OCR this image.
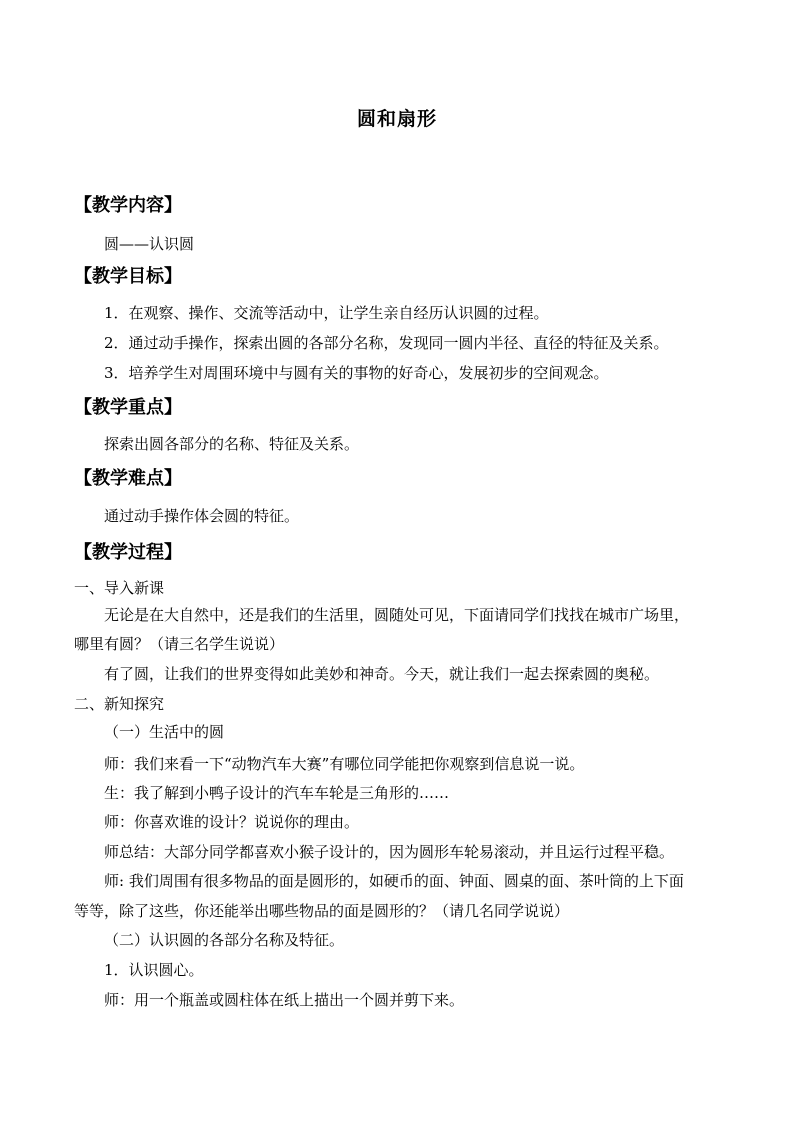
圆和扇形
【教学内容】
圆——认识圆
【教学目标】
1．在观察、操作、交流等活动中，让学生亲自经历认识圆的过程。
2．通过动手操作，探索出圆的各部分名称，发现同一圆内半径、直径的特征及关系。
3．培养学生对周围环境中与圆有关的事物的好奇心，发展初步的空间观念。
【教学重点】
探索出圆各部分的名称、特征及关系。
【教学难点】
通过动手操作体会圆的特征。
【教学过程】
一、导入新课
无论是在大自然中，还是我们的生活里，圆随处可见，下面请同学们找找在城市广场里，
哪里有圆？（请三名学生说说）
有了圆，让我们的世界变得如此美妙和神奇。今天，就让我们一起去探索圆的奥秘。
二、新知探究
（一）生活中的圆
师：我们来看一下“动物汽车大赛”有哪位同学能把你观察到信息说一说。
生：我了解到小鸭子设计的汽车车轮是三角形的……
师：你喜欢谁的设计？说说你的理由。
师总结：大部分同学都喜欢小猴子设计的，因为圆形车轮易滚动，并且运行过程平稳。
师: 我们周围有很多物品的面是圆形的，如硬币的面、钟面、圆桌的面、茶叶筒的上下面
等等，除了这些，你还能举出哪些物品的面是圆形的？（请几名同学说说）
（二）认识圆的各部分名称及特征。
1．认识圆心。
师：用一个瓶盖或圆柱体在纸上描出一个圆并剪下来。
